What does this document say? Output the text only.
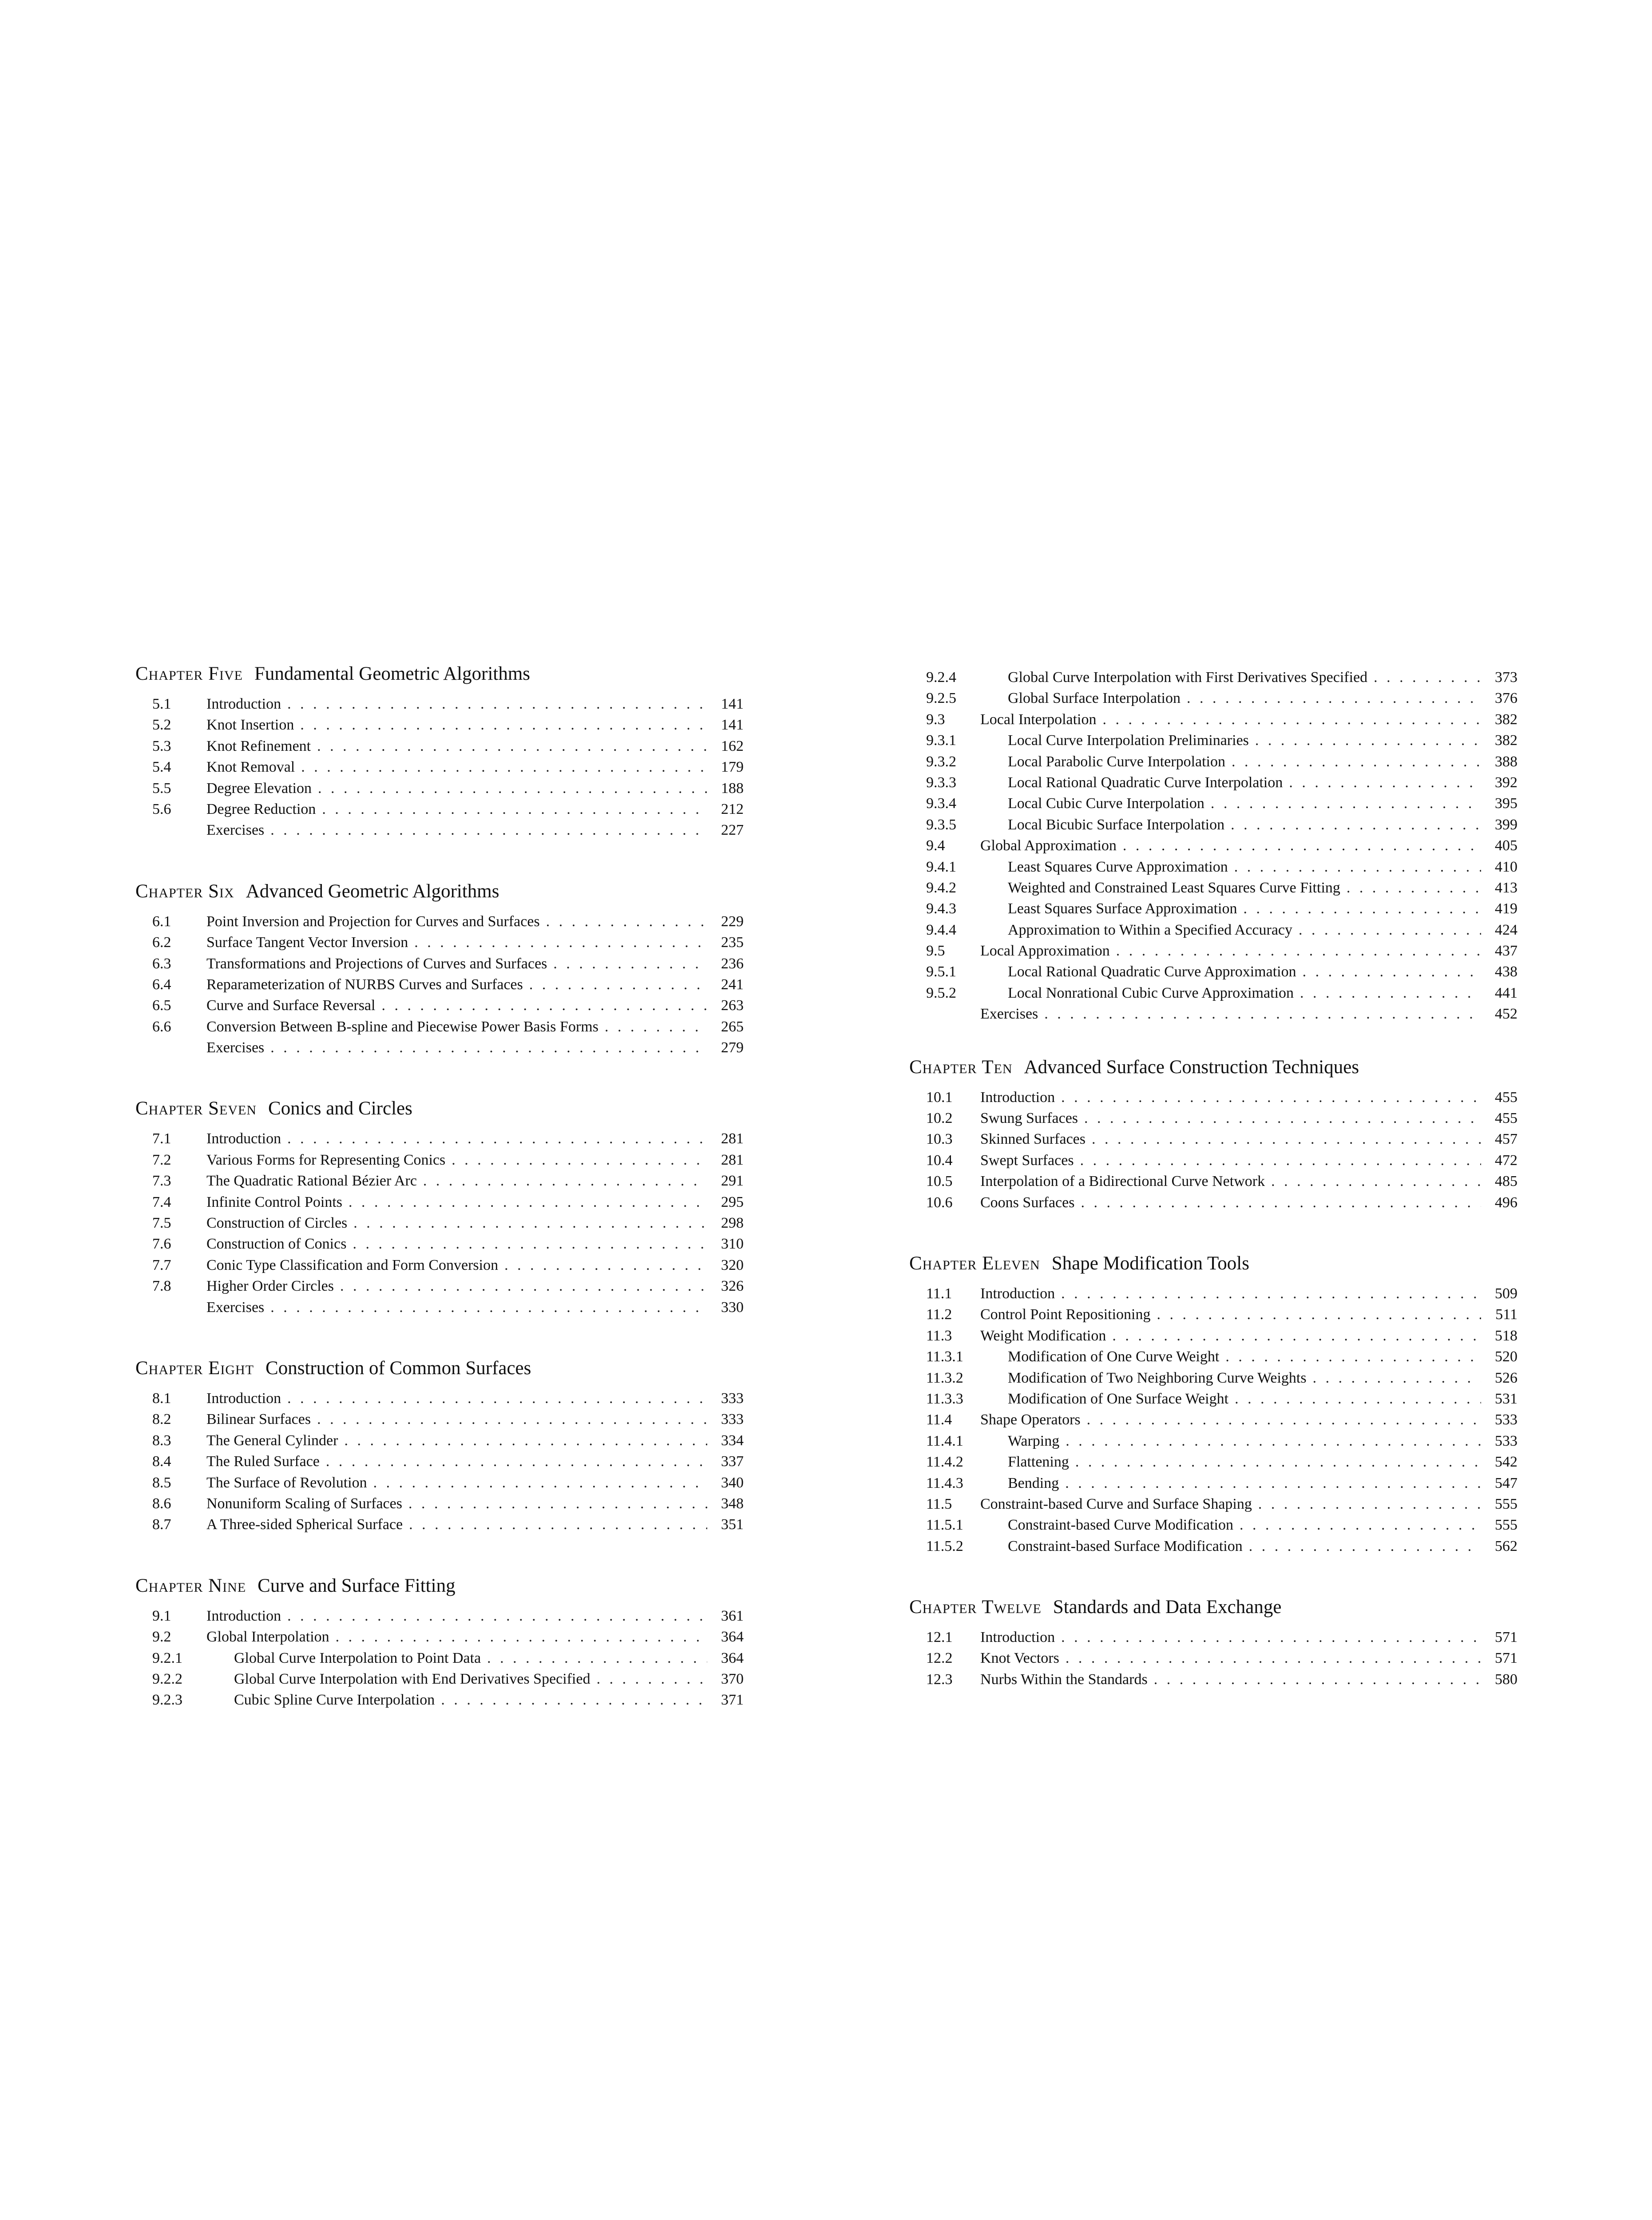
Chapter Five Fundamental Geometric Algorithms
5.1	Introduction . . .	141
5.2	Knot Insertion . . .	141
5.3	Knot Refinement . . .	162
5.4	Knot Removal . . .	179
5.5	Degree Elevation . . .	188
5.6	Degree Reduction . . .	212
Exercises . . .	227
Chapter Six Advanced Geometric Algorithms
6.1	Point Inversion and Projection for Curves and Surfaces . . .	229
6.2	Surface Tangent Vector Inversion . . .	235
6.3	Transformations and Projections of Curves and Surfaces . . .	236
6.4	Reparameterization of NURBS Curves and Surfaces . . .	241
6.5	Curve and Surface Reversal . . .	263
6.6	Conversion Between B-spline and Piecewise Power Basis Forms . . .	265
Exercises . . .	279
Chapter Seven Conics and Circles
7.1	Introduction . . .	281
7.2	Various Forms for Representing Conics . . .	281
7.3	The Quadratic Rational Bézier Arc . . .	291
7.4	Infinite Control Points . . .	295
7.5	Construction of Circles . . .	298
7.6	Construction of Conics . . .	310
7.7	Conic Type Classification and Form Conversion . . .	320
7.8	Higher Order Circles . . .	326
Exercises . . .	330
Chapter Eight Construction of Common Surfaces
8.1	Introduction . . .	333
8.2	Bilinear Surfaces . . .	333
8.3	The General Cylinder . . .	334
8.4	The Ruled Surface . . .	337
8.5	The Surface of Revolution . . .	340
8.6	Nonuniform Scaling of Surfaces . . .	348
8.7	A Three-sided Spherical Surface . . .	351
Chapter Nine Curve and Surface Fitting
9.1	Introduction . . .	361
9.2	Global Interpolation . . .	364
9.2.1	Global Curve Interpolation to Point Data . . .	364
9.2.2	Global Curve Interpolation with End Derivatives Specified . . .	370
9.2.3	Cubic Spline Curve Interpolation . . .	371
9.2.4	Global Curve Interpolation with First Derivatives Specified . . .	373
9.2.5	Global Surface Interpolation . . .	376
9.3	Local Interpolation . . .	382
9.3.1	Local Curve Interpolation Preliminaries . . .	382
9.3.2	Local Parabolic Curve Interpolation . . .	388
9.3.3	Local Rational Quadratic Curve Interpolation . . .	392
9.3.4	Local Cubic Curve Interpolation . . .	395
9.3.5	Local Bicubic Surface Interpolation . . .	399
9.4	Global Approximation . . .	405
9.4.1	Least Squares Curve Approximation . . .	410
9.4.2	Weighted and Constrained Least Squares Curve Fitting . . .	413
9.4.3	Least Squares Surface Approximation . . .	419
9.4.4	Approximation to Within a Specified Accuracy . . .	424
9.5	Local Approximation . . .	437
9.5.1	Local Rational Quadratic Curve Approximation . . .	438
9.5.2	Local Nonrational Cubic Curve Approximation . . .	441
Exercises . . .	452
Chapter Ten Advanced Surface Construction Techniques
10.1	Introduction . . .	455
10.2	Swung Surfaces . . .	455
10.3	Skinned Surfaces . . .	457
10.4	Swept Surfaces . . .	472
10.5	Interpolation of a Bidirectional Curve Network . . .	485
10.6	Coons Surfaces . . .	496
Chapter Eleven Shape Modification Tools
11.1	Introduction . . .	509
11.2	Control Point Repositioning . . .	511
11.3	Weight Modification . . .	518
11.3.1	Modification of One Curve Weight . . .	520
11.3.2	Modification of Two Neighboring Curve Weights . . .	526
11.3.3	Modification of One Surface Weight . . .	531
11.4	Shape Operators . . .	533
11.4.1	Warping . . .	533
11.4.2	Flattening . . .	542
11.4.3	Bending . . .	547
11.5	Constraint-based Curve and Surface Shaping . . .	555
11.5.1	Constraint-based Curve Modification . . .	555
11.5.2	Constraint-based Surface Modification . . .	562
Chapter Twelve Standards and Data Exchange
12.1	Introduction . . .	571
12.2	Knot Vectors . . .	571
12.3	Nurbs Within the Standards . . .	580
